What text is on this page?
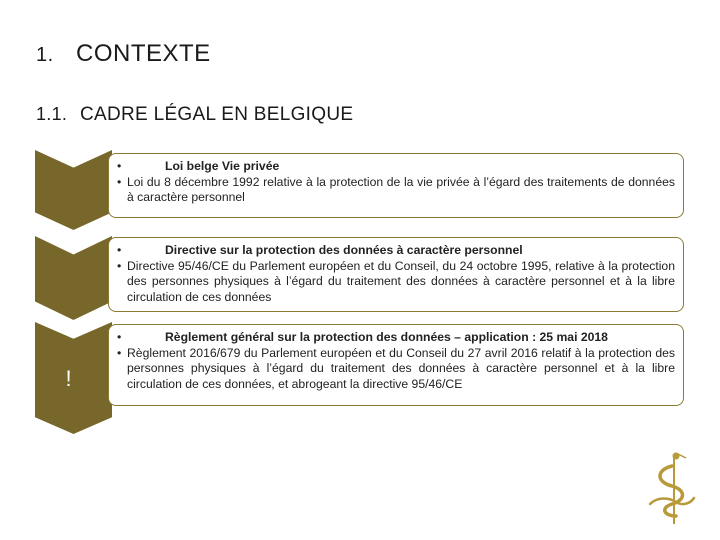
1. CONTEXTE
1.1. CADRE LÉGAL EN BELGIQUE
•	Loi belge Vie privée
• Loi du 8 décembre 1992 relative à la protection de la vie privée à l’égard des traitements de données à caractère personnel
•	Directive sur la protection des données à caractère personnel
• Directive 95/46/CE du Parlement européen et du Conseil, du 24 octobre 1995, relative à la protection des personnes physiques à l’égard du traitement des données à caractère personnel et à la libre circulation de ces données
!
•	Règlement général sur la protection des données – application : 25 mai 2018
• Règlement 2016/679 du Parlement européen et du Conseil du 27 avril 2016 relatif à la protection des personnes physiques à l’égard du traitement des données à caractère personnel et à la libre circulation de ces données, et abrogeant la directive 95/46/CE
